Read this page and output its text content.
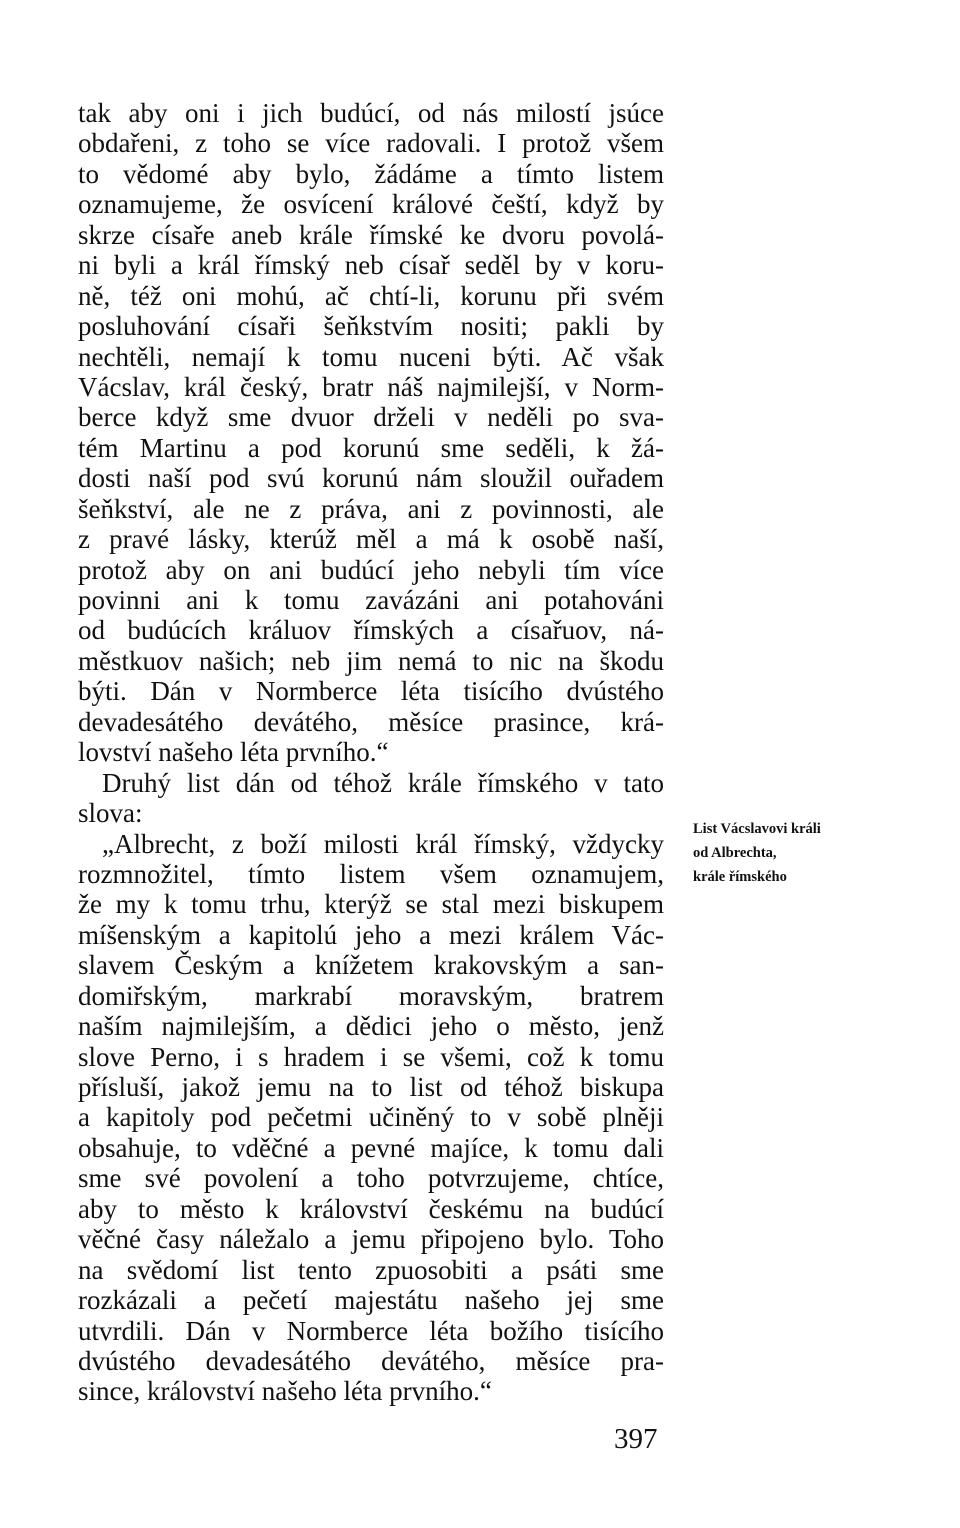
tak aby oni i jich budúcí, od nás milostí jsúce
obdařeni, z toho se více radovali. I protož všem
to vědomé aby bylo, žádáme a tímto listem
oznamujeme, že osvícení králové čeští, když by
skrze císaře aneb krále římské ke dvoru povolá-
ni byli a král římský neb císař seděl by v koru-
ně, též oni mohú, ač chtí-li, korunu při svém
posluhování císaři šeňkstvím nositi; pakli by
nechtěli, nemají k tomu nuceni býti. Ač však
Vácslav, král český, bratr náš najmilejší, v Norm-
berce když sme dvuor drželi v neděli po sva-
tém Martinu a pod korunú sme seděli, k žá-
dosti naší pod svú korunú nám sloužil ouřadem
šeňkství, ale ne z práva, ani z povinnosti, ale
z pravé lásky, kterúž měl a má k osobě naší,
protož aby on ani budúcí jeho nebyli tím více
povinni ani k tomu zavázáni ani potahováni
od budúcích králuov římských a císařuov, ná-
městkuov našich; neb jim nemá to nic na škodu
býti. Dán v Normberce léta tisícího dvústého
devadesátého devátého, měsíce prasince, krá-
lovství našeho léta prvního.“
Druhý list dán od téhož krále římského v tato
slova:
„Albrecht, z boží milosti král římský, vždycky
rozmnožitel, tímto listem všem oznamujem,
že my k tomu trhu, kterýž se stal mezi biskupem
míšenským a kapitolú jeho a mezi králem Vác-
slavem Českým a knížetem krakovským a san-
domiřským, markrabí moravským, bratrem
naším najmilejším, a dědici jeho o město, jenž
slove Perno, i s hradem i se všemi, což k tomu
přísluší, jakož jemu na to list od téhož biskupa
a kapitoly pod pečetmi učiněný to v sobě plněji
obsahuje, to vděčné a pevné majíce, k tomu dali
sme své povolení a toho potvrzujeme, chtíce,
aby to město k království českému na budúcí
věčné časy náležalo a jemu připojeno bylo. Toho
na svědomí list tento zpuosobiti a psáti sme
rozkázali a pečetí majestátu našeho jej sme
utvrdili. Dán v Normberce léta božího tisícího
dvústého devadesátého devátého, měsíce pra-
since, království našeho léta prvního.“
List Vácslavovi králi
od Albrechta,
krále římského
397
